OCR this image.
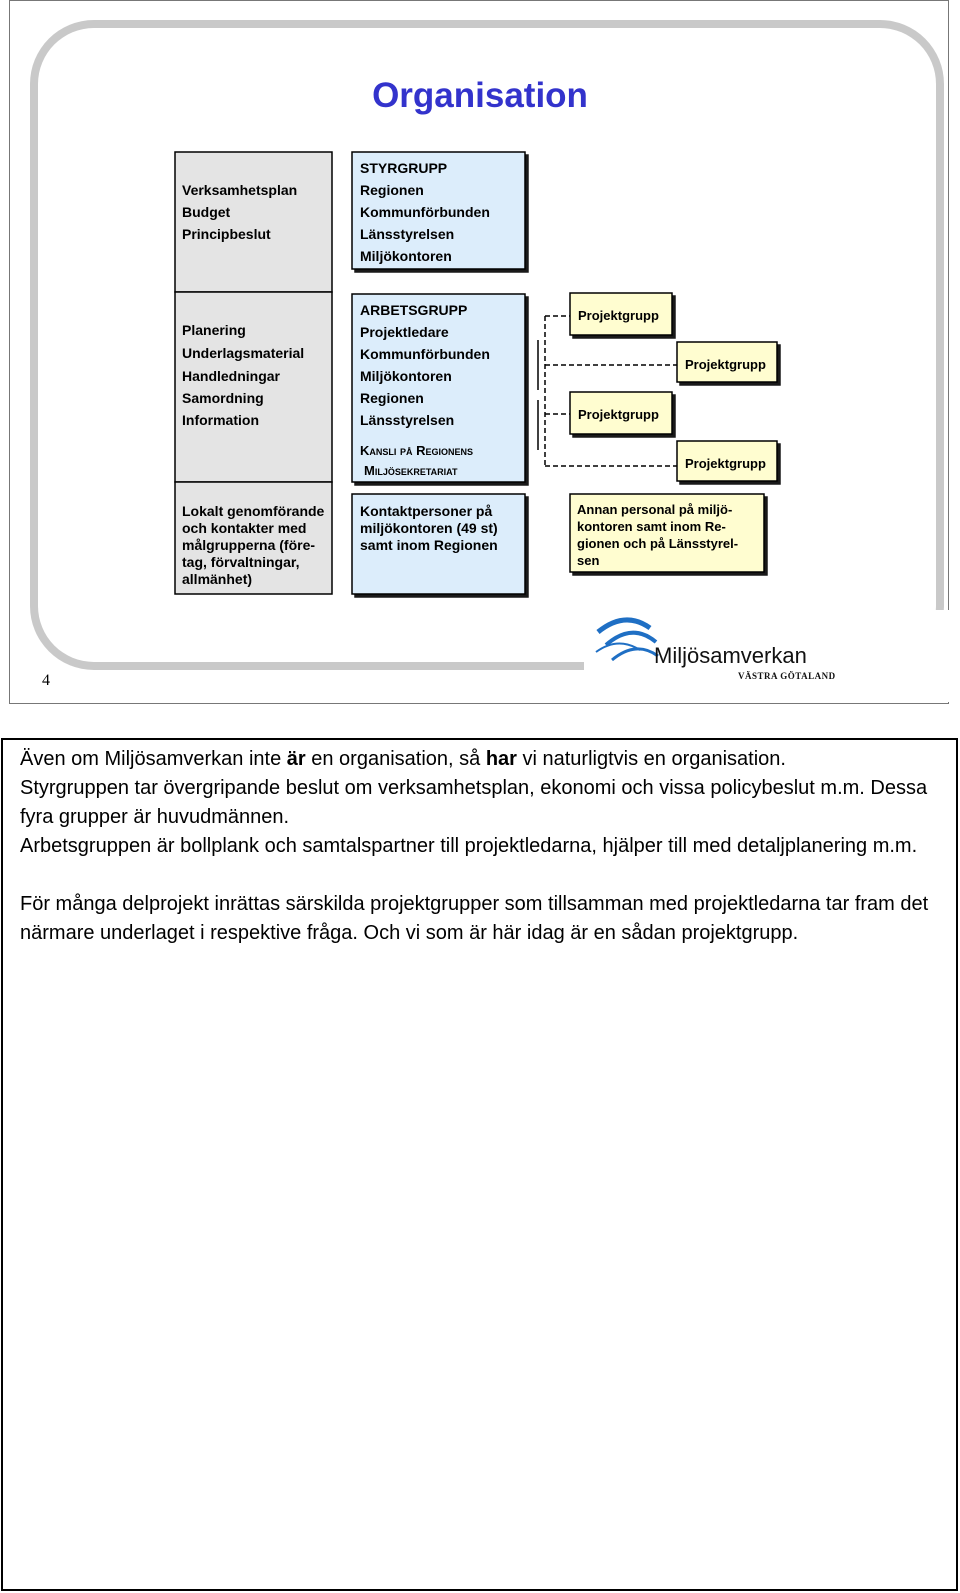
Organisation
4
Verksamhetsplan
Budget
Principbeslut
Planering
Underlagsmaterial
Handledningar
Samordning
Information
Lokalt genomförande
och kontakter med
målgrupperna (före-
tag, förvaltningar,
allmänhet)
STYRGRUPP
Regionen
Kommunförbunden
Länsstyrelsen
Miljökontoren
ARBETSGRUPP
Projektledare
Kommunförbunden
Miljökontoren
Regionen
Länsstyrelsen
Kansli på Regionens
Miljösekretariat
Kontaktpersoner på
miljökontoren (49 st)
samt inom Regionen
Projektgrupp
Projektgrupp
Projektgrupp
Projektgrupp
Annan personal på miljö-
kontoren samt inom Re-
gionen och på Länsstyrel-
sen
Miljösamverkan
VÄSTRA GÖTALAND

Även om Miljösamverkan inte är en organisation, så har vi naturligtvis en organisation.

Styrgruppen tar övergripande beslut om verksamhetsplan, ekonomi och vissa policybeslut m.m. Dessa fyra grupper är huvudmännen.

Arbetsgruppen är bollplank och samtalspartner till projektledarna, hjälper till med detaljplanering m.m.

För många delprojekt inrättas särskilda projektgrupper som tillsamman med projektledarna tar fram det närmare underlaget i respektive fråga. Och vi som är här idag är en sådan projektgrupp.
